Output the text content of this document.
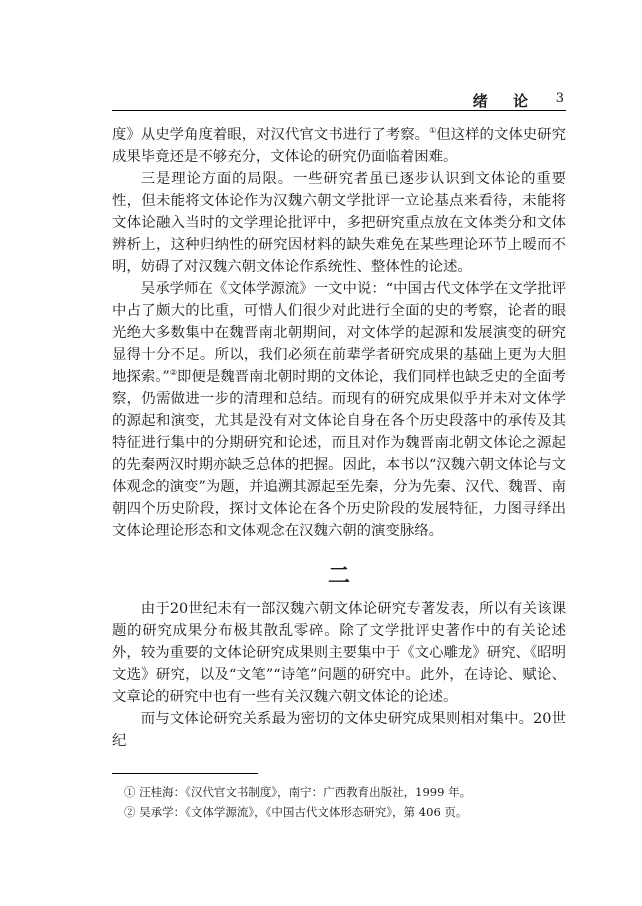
绪 论 3

度》从史学角度着眼，对汉代官文书进行了考察。①但这样的文体史研究成果毕竟还是不够充分，文体论的研究仍面临着困难。

三是理论方面的局限。一些研究者虽已逐步认识到文体论的重要性，但未能将文体论作为汉魏六朝文学批评一立论基点来看待，未能将文体论融入当时的文学理论批评中，多把研究重点放在文体类分和文体辨析上，这种归纳性的研究因材料的缺失难免在某些理论环节上暧而不明，妨碍了对汉魏六朝文体论作系统性、整体性的论述。

吴承学师在《文体学源流》一文中说：“中国古代文体学在文学批评中占了颇大的比重，可惜人们很少对此进行全面的史的考察，论者的眼光绝大多数集中在魏晋南北朝期间，对文体学的起源和发展演变的研究显得十分不足。所以，我们必须在前辈学者研究成果的基础上更为大胆地探索。”②即便是魏晋南北朝时期的文体论，我们同样也缺乏史的全面考察，仍需做进一步的清理和总结。而现有的研究成果似乎并未对文体学的源起和演变，尤其是没有对文体论自身在各个历史段落中的承传及其特征进行集中的分期研究和论述，而且对作为魏晋南北朝文体论之源起的先秦两汉时期亦缺乏总体的把握。因此，本书以“汉魏六朝文体论与文体观念的演变”为题，并追溯其源起至先秦，分为先秦、汉代、魏晋、南朝四个历史阶段，探讨文体论在各个历史阶段的发展特征，力图寻绎出文体论理论形态和文体观念在汉魏六朝的演变脉络。

二

由于20世纪未有一部汉魏六朝文体论研究专著发表，所以有关该课题的研究成果分布极其散乱零碎。除了文学批评史著作中的有关论述外，较为重要的文体论研究成果则主要集中于《文心雕龙》研究、《昭明文选》研究，以及“文笔”“诗笔”问题的研究中。此外，在诗论、赋论、文章论的研究中也有一些有关汉魏六朝文体论的论述。

而与文体论研究关系最为密切的文体史研究成果则相对集中。20世纪

① 汪桂海：《汉代官文书制度》，南宁：广西教育出版社，1999 年。
② 吴承学：《文体学源流》，《中国古代文体形态研究》，第 406 页。
